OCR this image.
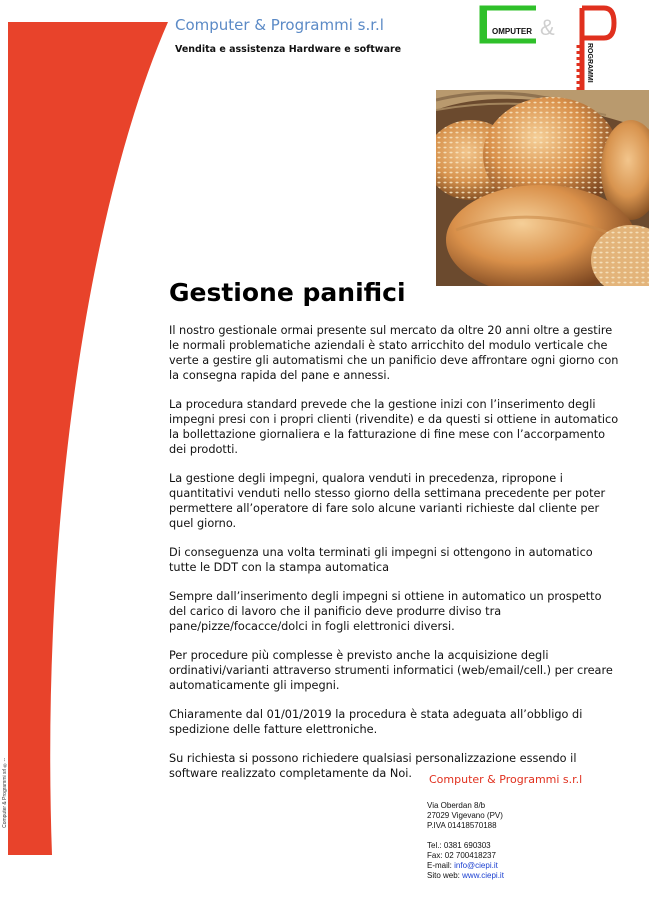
Computer & Programmi srl ®--
Computer & Programmi s.r.l
Vendita e assistenza Hardware e software
OMPUTER &
ROGRAMMI
Gestione panifici

Il nostro gestionale ormai presente sul mercato da oltre 20 anni oltre a gestire le normali problematiche aziendali è stato arricchito del modulo verticale che verte a gestire gli automatismi che un panificio deve affrontare ogni giorno con la consegna rapida del pane e annessi.

La procedura standard prevede che la gestione inizi con l’inserimento degli impegni presi con i propri clienti (rivendite) e da questi si ottiene in automatico la bollettazione giornaliera e la fatturazione di fine mese con l’accorpamento dei prodotti.

La gestione degli impegni, qualora venduti in precedenza, ripropone i quantitativi venduti nello stesso giorno della settimana precedente per poter permettere all’operatore di fare solo alcune varianti richieste dal cliente per quel giorno.

Di conseguenza una volta terminati gli impegni si ottengono in automatico tutte le DDT con la stampa automatica

Sempre dall’inserimento degli impegni si ottiene in automatico un prospetto del carico di lavoro che il panificio deve produrre diviso tra pane/pizze/focacce/dolci in fogli elettronici diversi.

Per procedure più complesse è previsto anche la acquisizione degli ordinativi/varianti attraverso strumenti informatici (web/email/cell.) per creare automaticamente gli impegni.

Chiaramente dal 01/01/2019 la procedura è stata adeguata all’obbligo di spedizione delle fatture elettroniche.

Su richiesta si possono richiedere qualsiasi personalizzazione essendo il software realizzato completamente da Noi.	Computer & Programmi s.r.l
Via Oberdan 8/b
27029 Vigevano (PV)
P.IVA 01418570188
Tel.: 0381 690303
Fax: 02 700418237
E-mail: info@ciepi.it
Sito web: www.ciepi.it
